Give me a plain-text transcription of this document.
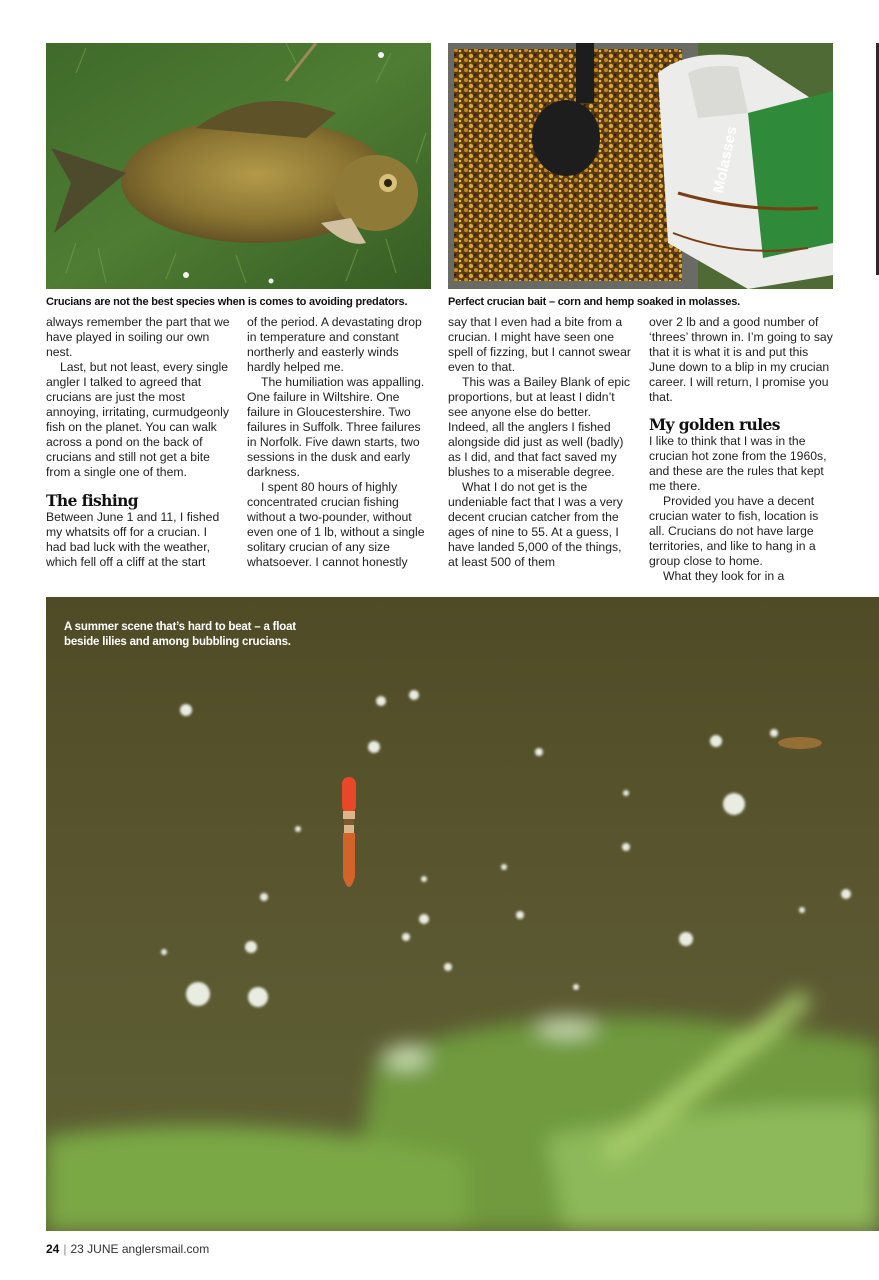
Molasses
Crucians are not the best species when is comes to avoiding predators.	Perfect crucian bait – corn and hemp soaked in molasses.

always remember the part that we have played in soiling our own nest.

Last, but not least, every single angler I talked to agreed that crucians are just the most annoying, irritating, curmudgeonly fish on the planet. You can walk across a pond on the back of crucians and still not get a bite from a single one of them.

The fishing

Between June 1 and 11, I fished my whatsits off for a crucian. I had bad luck with the weather, which fell off a cliff at the start

of the period. A devastating drop in temperature and constant northerly and easterly winds hardly helped me.

The humiliation was appalling. One failure in Wiltshire. One failure in Gloucestershire. Two failures in Suffolk. Three failures in Norfolk. Five dawn starts, two sessions in the dusk and early darkness.

I spent 80 hours of highly concentrated crucian fishing without a two-pounder, without even one of 1 lb, without a single solitary crucian of any size whatsoever. I cannot honestly

say that I even had a bite from a crucian. I might have seen one spell of fizzing, but I cannot swear even to that.

This was a Bailey Blank of epic proportions, but at least I didn’t see anyone else do better. Indeed, all the anglers I fished alongside did just as well (badly) as I did, and that fact saved my blushes to a miserable degree.

What I do not get is the undeniable fact that I was a very decent crucian catcher from the ages of nine to 55. At a guess, I have landed 5,000 of the things, at least 500 of them

over 2 lb and a good number of ‘threes’ thrown in. I’m going to say that it is what it is and put this June down to a blip in my crucian career. I will return, I promise you that.

My golden rules

I like to think that I was in the crucian hot zone from the 1960s, and these are the rules that kept me there.

Provided you have a decent crucian water to fish, location is all. Crucians do not have large territories, and like to hang in a group close to home.

What they look for in a

A summer scene that’s hard to beat – a float beside lilies and among bubbling crucians.
24 | 23 JUNE anglersmail.com
